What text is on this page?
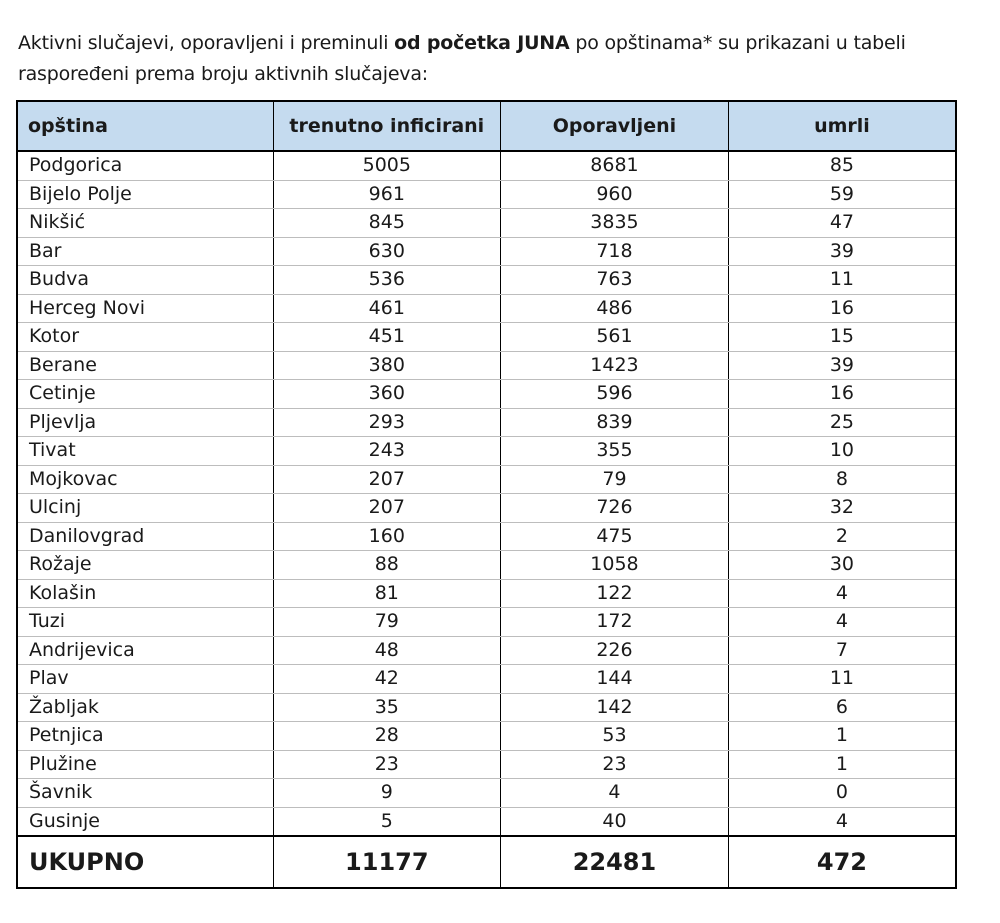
Aktivni slučajevi, oporavljeni i preminuli od početka JUNA po opštinama* su prikazani u tabeli raspoređeni prema broju aktivnih slučajeva:
opština	trenutno inficirani	Oporavljeni	umrli
Podgorica	5005	8681	85
Bijelo Polje	961	960	59
Nikšić	845	3835	47
Bar	630	718	39
Budva	536	763	11
Herceg Novi	461	486	16
Kotor	451	561	15
Berane	380	1423	39
Cetinje	360	596	16
Pljevlja	293	839	25
Tivat	243	355	10
Mojkovac	207	79	8
Ulcinj	207	726	32
Danilovgrad	160	475	2
Rožaje	88	1058	30
Kolašin	81	122	4
Tuzi	79	172	4
Andrijevica	48	226	7
Plav	42	144	11
Žabljak	35	142	6
Petnjica	28	53	1
Plužine	23	23	1
Šavnik	9	4	0
Gusinje	5	40	4
UKUPNO	11177	22481	472
